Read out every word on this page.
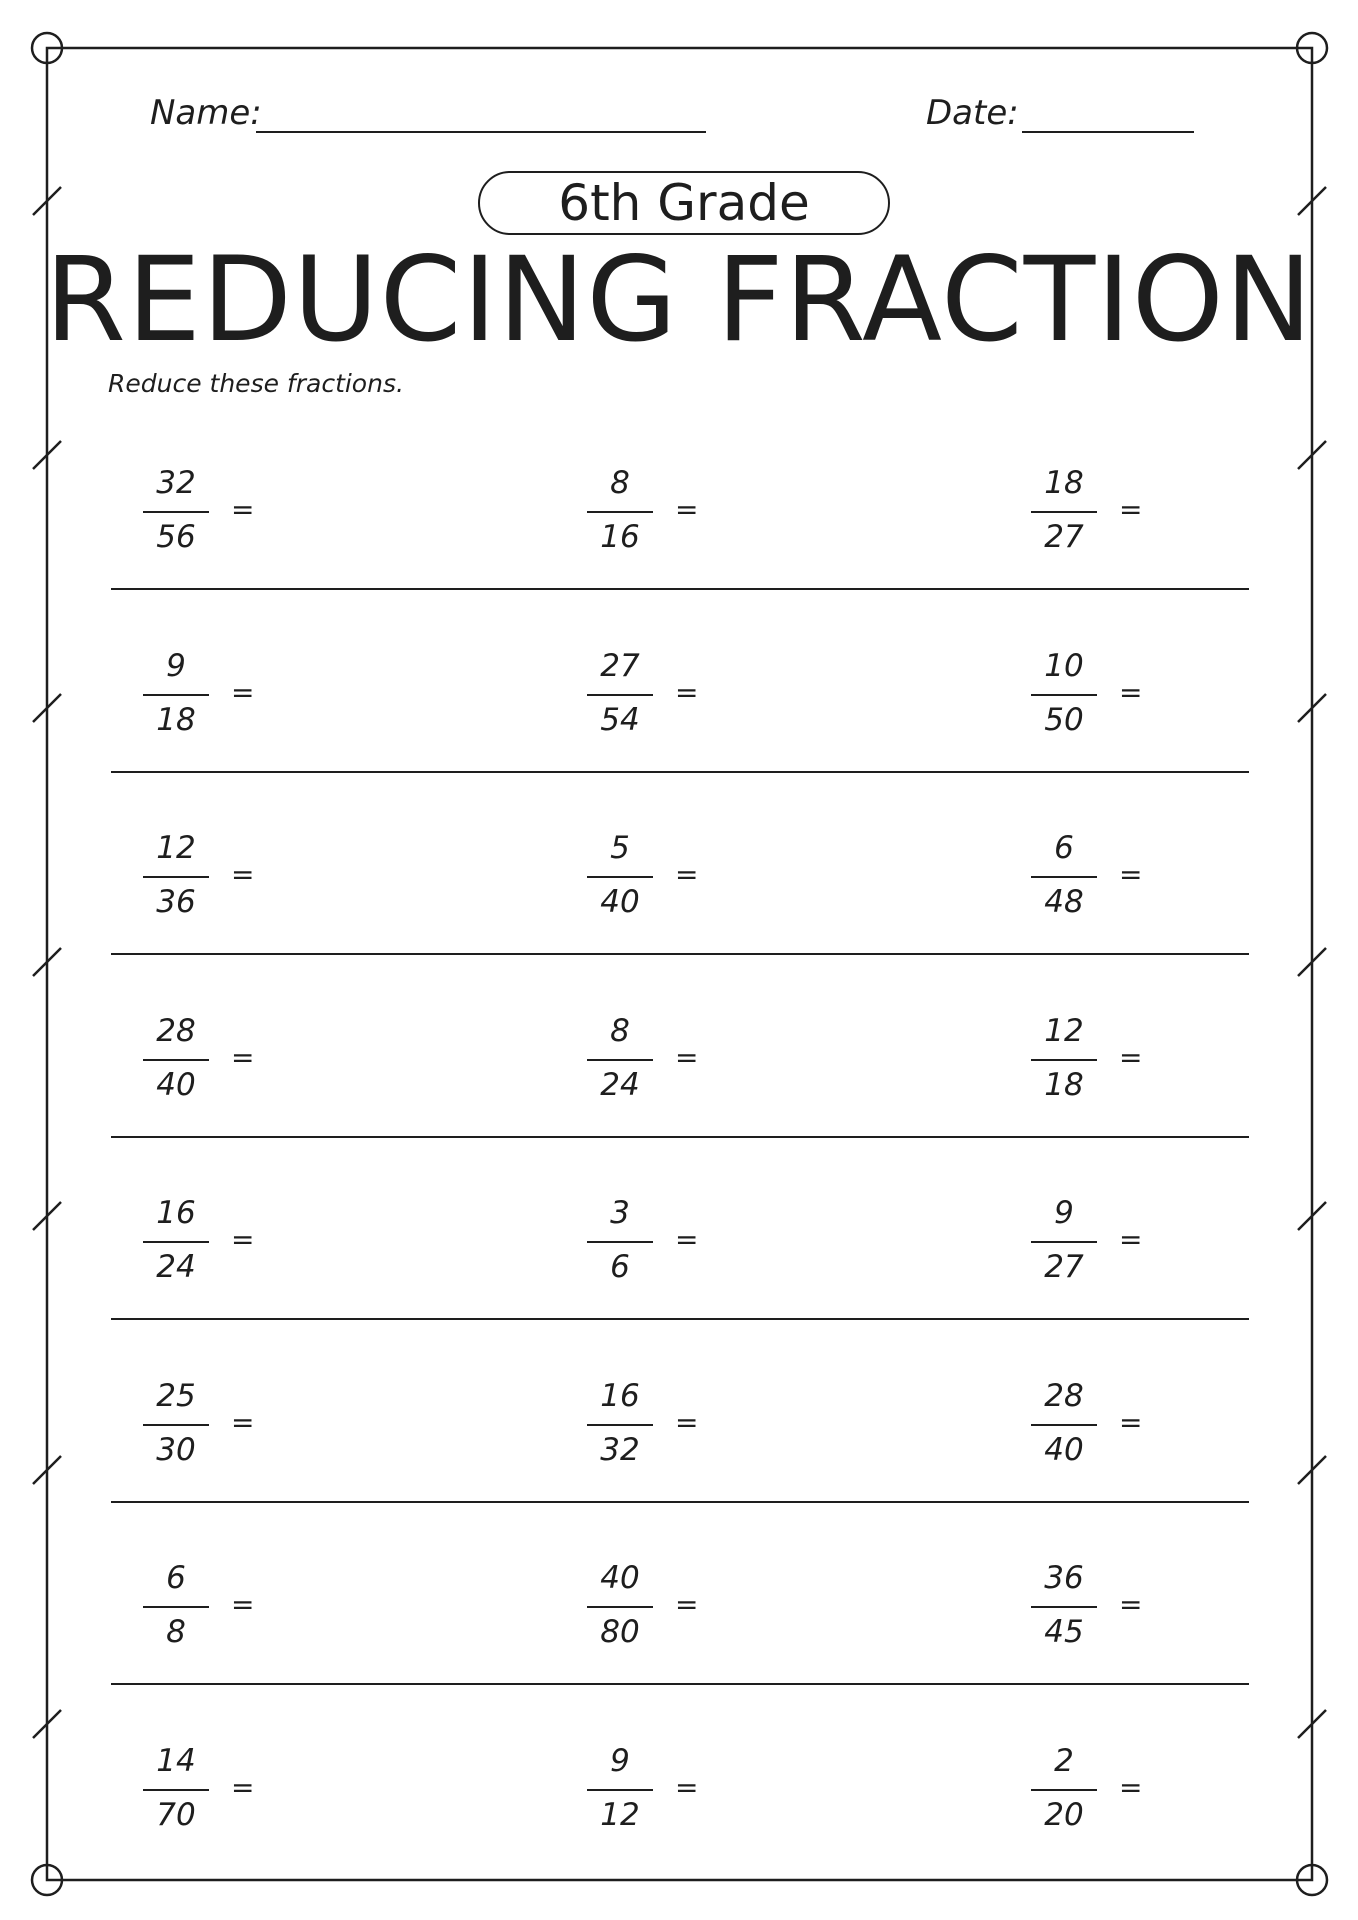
Name:	Date:
6th Grade
REDUCING FRACTION
Reduce these fractions.
32
56
=
8
16
=
18
27
=
9
18
=
27
54
=
10
50
=
12
36
=
5
40
=
6
48
=
28
40
=
8
24
=
12
18
=
16
24
=
3
6
=
9
27
=
25
30
=
16
32
=
28
40
=
6
8
=
40
80
=
36
45
=
14
70
=
9
12
=
2
20
=
